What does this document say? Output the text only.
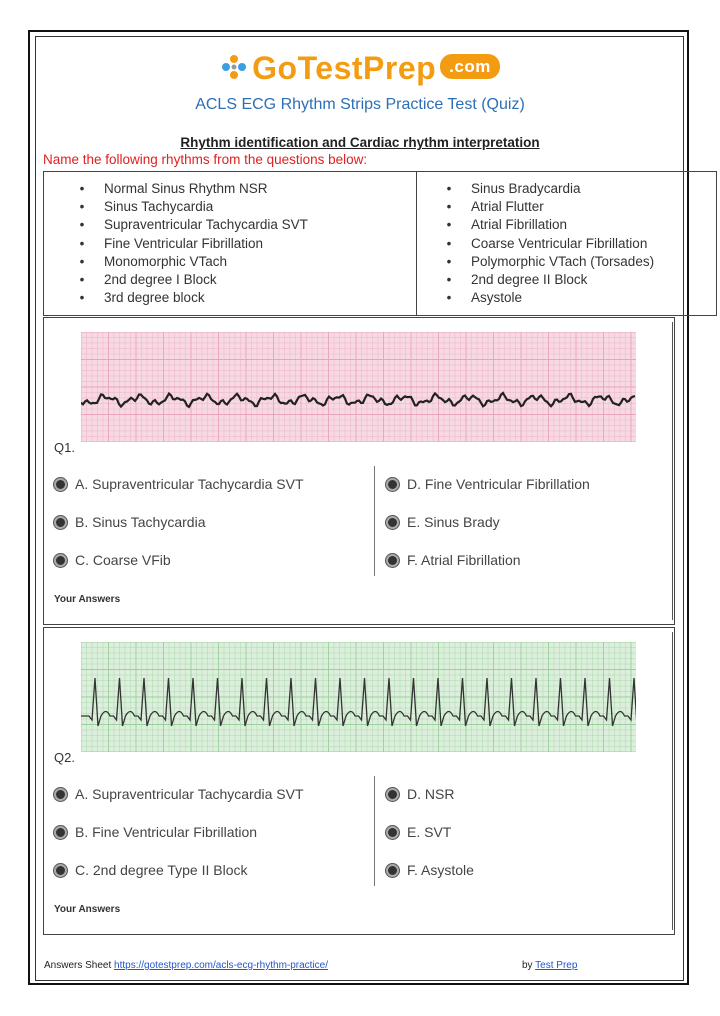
GoTestPrep .com
ACLS ECG Rhythm Strips Practice Test (Quiz)
Rhythm identification and Cardiac rhythm interpretation
Name the following rhythms from the questions below:
• Normal Sinus Rhythm NSR
• Sinus Tachycardia
• Supraventricular Tachycardia SVT
• Fine Ventricular Fibrillation
• Monomorphic VTach
• 2nd degree I Block
• 3rd degree block
• Sinus Bradycardia
• Atrial Flutter
• Atrial Fibrillation
• Coarse Ventricular Fibrillation
• Polymorphic VTach (Torsades)
• 2nd degree II Block
• Asystole
Q1.
A. Supraventricular Tachycardia SVT
B. Sinus Tachycardia
C. Coarse VFib
D. Fine Ventricular Fibrillation
E. Sinus Brady
F. Atrial Fibrillation
Your Answers
Q2.
A. Supraventricular Tachycardia SVT
B. Fine Ventricular Fibrillation
C. 2nd degree Type II Block
D. NSR
E. SVT
F. Asystole
Your Answers
Answers Sheet https://gotestprep.com/acls-ecg-rhythm-practice/	by Test Prep
